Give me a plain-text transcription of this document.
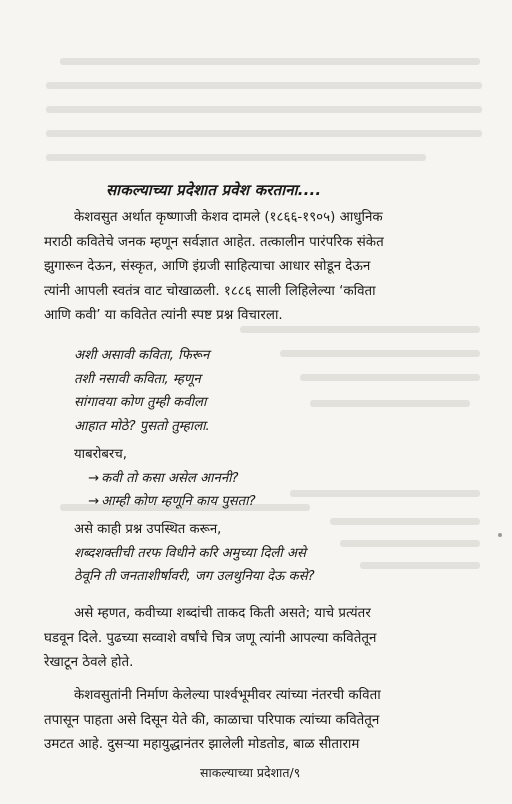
साकल्याच्या प्रदेशात प्रवेश करताना....
केशवसुत अर्थात कृष्णाजी केशव दामले (१८६६-१९०५) आधुनिक
मराठी कवितेचे जनक म्हणून सर्वज्ञात आहेत. तत्कालीन पारंपरिक संकेत
झुगारून देऊन, संस्कृत, आणि इंग्रजी साहित्याचा आधार सोडून देऊन
त्यांनी आपली स्वतंत्र वाट चोखाळली. १८८६ साली लिहिलेल्या ‘कविता
आणि कवी’ या कवितेत त्यांनी स्पष्ट प्रश्न विचारला.
अशी असावी कविता, फिरून
तशी नसावी कविता, म्हणून
सांगावया कोण तुम्ही कवीला
आहात मोठे? पुसतो तुम्हाला.
याबरोबरच,
→ कवी तो कसा असेल आननी?
→ आम्ही कोण म्हणूनि काय पुसता?
असे काही प्रश्न उपस्थित करून,
शब्दशक्तीची तरफ विधीने करि अमुच्या दिली असे
ठेवूनि ती जनताशीर्षावरी, जग उलथुनिया देऊ कसे?
असे म्हणत, कवीच्या शब्दांची ताकद किती असते; याचे प्रत्यंतर
घडवून दिले. पुढच्या सव्वाशे वर्षांचे चित्र जणू त्यांनी आपल्या कवितेतून
रेखाटून ठेवले होते.
केशवसुतांनी निर्माण केलेल्या पार्श्वभूमीवर त्यांच्या नंतरची कविता
तपासून पाहता असे दिसून येते की, काळाचा परिपाक त्यांच्या कवितेतून
उमटत आहे. दुसऱ्या महायुद्धानंतर झालेली मोडतोड, बाळ सीताराम
साकल्याच्या प्रदेशात/९
